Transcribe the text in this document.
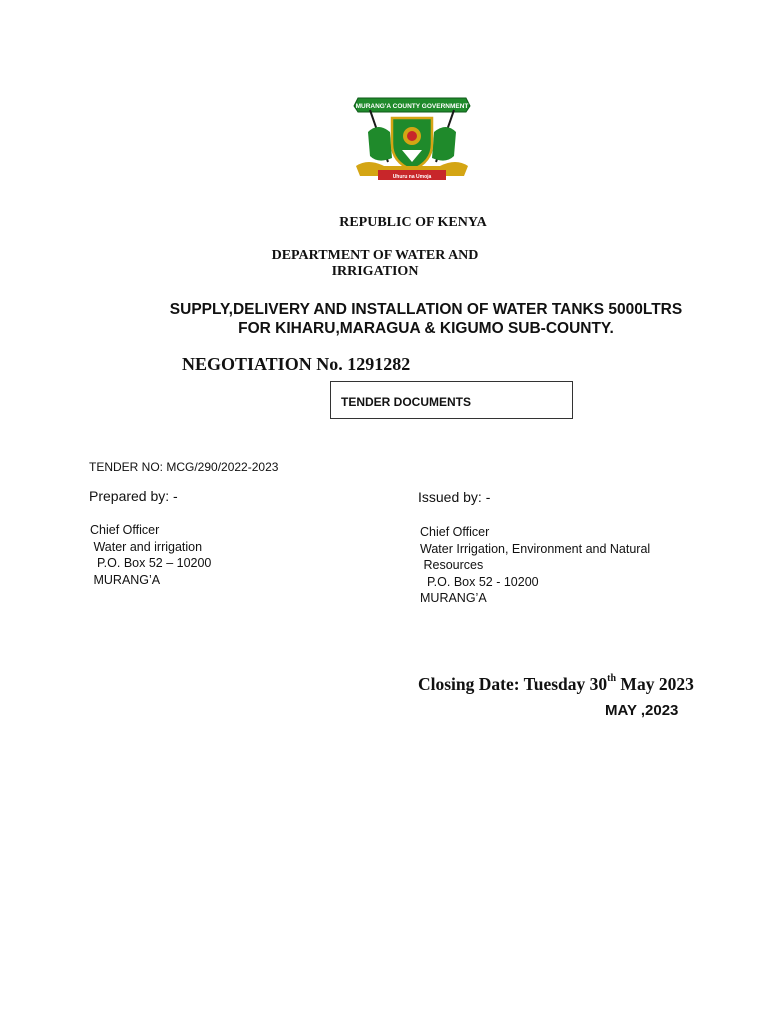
MURANG'A COUNTY GOVERNMENT
Uhuru na Umoja
REPUBLIC OF KENYA
DEPARTMENT OF WATER AND
IRRIGATION
SUPPLY,DELIVERY AND INSTALLATION OF WATER TANKS 5000LTRS
FOR KIHARU,MARAGUA & KIGUMO SUB-COUNTY.
NEGOTIATION No. 1291282
TENDER DOCUMENTS
TENDER NO: MCG/290/2022-2023
Prepared by: -	Issued by: -
Chief Officer
Water and irrigation
P.O. Box 52 – 10200
MURANG’A
Chief Officer
Water Irrigation, Environment and Natural
Resources
P.O. Box 52 - 10200
MURANG’A
Closing Date: Tuesday 30th May 2023
MAY ,2023
